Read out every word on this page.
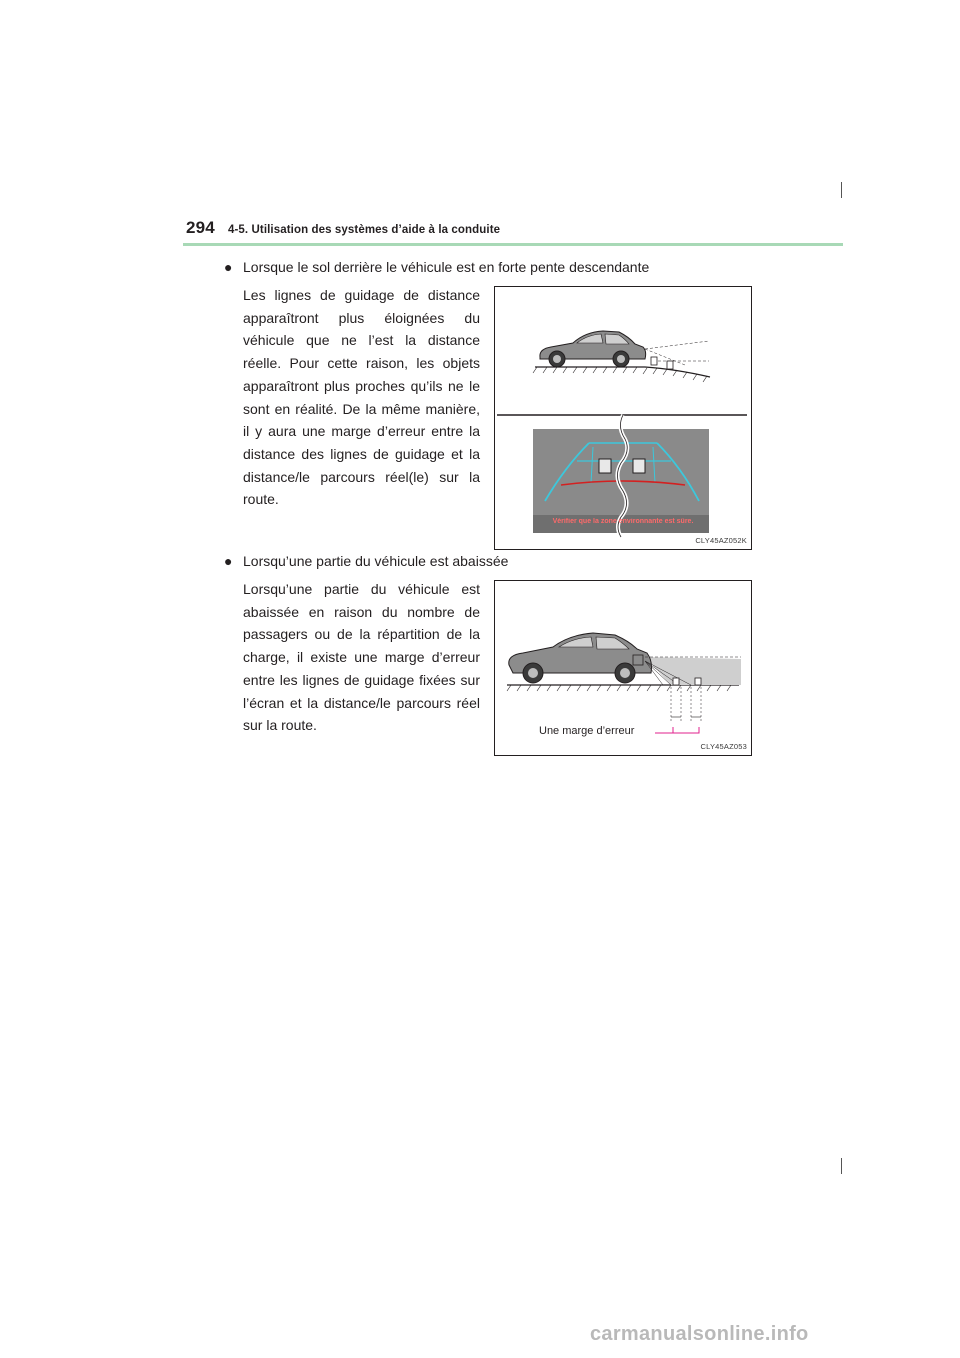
294 4-5. Utilisation des systèmes d’aide à la conduite
● Lorsque le sol derrière le véhicule est en forte pente descendante
Les lignes de guidage de distance apparaîtront plus éloignées du véhicule que ne l’est la distance réelle. Pour cette raison, les objets apparaîtront plus proches qu’ils ne le sont en réalité. De la même manière, il y aura une marge d’erreur entre la distance des lignes de guidage et la distance/le parcours réel(le) sur la route.
Vérifier que la zone environnante est sûre.
CLY45AZ052K
● Lorsqu’une partie du véhicule est abaissée
Lorsqu’une partie du véhicule est abaissée en raison du nombre de passagers ou de la répartition de la charge, il existe une marge d’erreur entre les lignes de guidage fixées sur l’écran et la distance/le parcours réel sur la route.	Une marge d’erreur
CLY45AZ053
carmanualsonline.info
